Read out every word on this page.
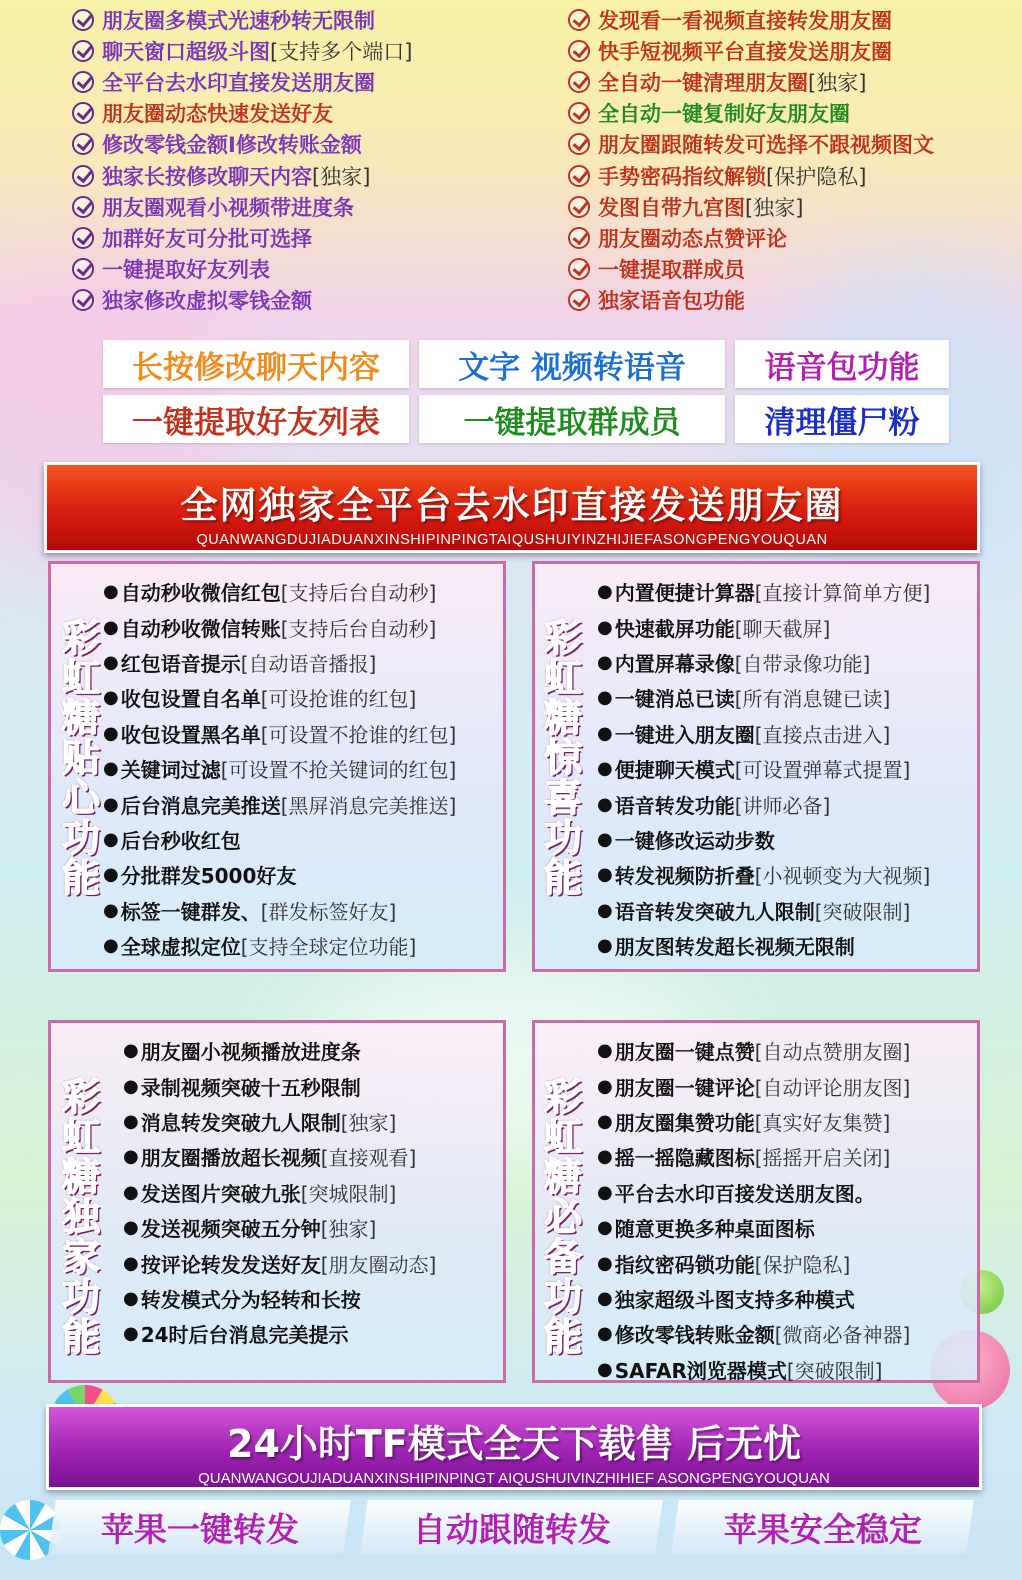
朋友圈多模式光速秒转无限制
聊天窗口超级斗图[支持多个端口]
全平台去水印直接发送朋友圈
朋友圈动态快速发送好友
修改零钱金额I修改转账金额
独家长按修改聊天内容[独家]
朋友圈观看小视频带进度条
加群好友可分批可选择
一键提取好友列表
独家修改虚拟零钱金额
发现看一看视频直接转发朋友圈
快手短视频平台直接发送朋友圈
全自动一键清理朋友圈[独家]
全自动一键复制好友朋友圈
朋友圈跟随转发可选择不跟视频图文
手势密码指纹解锁[保护隐私]
发图自带九宫图[独家]
朋友圈动态点赞评论
一键提取群成员
独家语音包功能
长按修改聊天内容	文字 视频转语音	语音包功能
一键提取好友列表	一键提取群成员	清理僵尸粉
全网独家全平台去水印直接发送朋友圈
QUANWANGDUJIADUANXINSHIPINPINGTAIQUSHUIYINZHIJIEFASONGPENGYOUQUAN
彩
虹
糖
贴
心
功
能
● 自动秒收微信红包 [支持后台自动秒]
● 自动秒收微信转账 [支持后台自动秒]
● 红包语音提示 [自动语音播报]
● 收包设置自名单 [可设抢谁的红包]
● 收包设置黑名单 [可设置不抢谁的红包]
● 关键词过滤 [可设置不抢关键词的红包]
● 后台消息完美推送 [黑屏消息完美推送]
● 后台秒收红包
● 分批群发5000好友
● 标签一键群发、 [群发标签好友]
● 全球虚拟定位 [支持全球定位功能]
彩
虹
糖
惊
喜
功
能
● 内置便捷计算器 [直接计算简单方便]
● 快速截屏功能 [聊天截屏]
● 内置屏幕录像 [自带录像功能]
● 一键消总已读 [所有消息键已读]
● 一键进入朋友圈 [直接点击进入]
● 便捷聊天模式 [可设置弹幕式提置]
● 语音转发功能 [讲师必备]
● 一键修改运动步数
● 转发视频防折叠 [小视顿变为大视频]
● 语音转发突破九人限制 [突破限制]
● 朋友图转发超长视频无限制
彩
虹
糖
独
家
功
能
● 朋友圈小视频播放进度条
● 录制视频突破十五秒限制
● 消息转发突破九人限制 [独家]
● 朋友圈播放超长视频 [直接观看]
● 发送图片突破九张 [突城限制]
● 发送视频突破五分钟 [独家]
● 按评论转发发送好友 [朋友圈动态]
● 转发模式分为轻转和长按
● 24时后台消息完美提示
彩
虹
糖
必
备
功
能
● 朋友圈一键点赞 [自动点赞朋友圈]
● 朋友圈一键评论 [自动评论朋友图]
● 朋友圈集赞功能 [真实好友集赞]
● 摇一摇隐藏图标 [摇摇开启关闭]
● 平台去水印百接发送朋友图。
● 随意更换多种桌面图标
● 指纹密码锁功能 [保护隐私]
● 独家超级斗图支持多种模式
● 修改零钱转账金额 [微商必备神器]
● SAFAR浏览器模式 [突破限制]
24小时TF模式全天下载售 后无忧
QUANWANGOUJIADUANXINSHIPINPINGT AIQUSHUIVINZHIHIEF ASONGPENGYOUQUAN
苹果一键转发	自动跟随转发	苹果安全稳定
